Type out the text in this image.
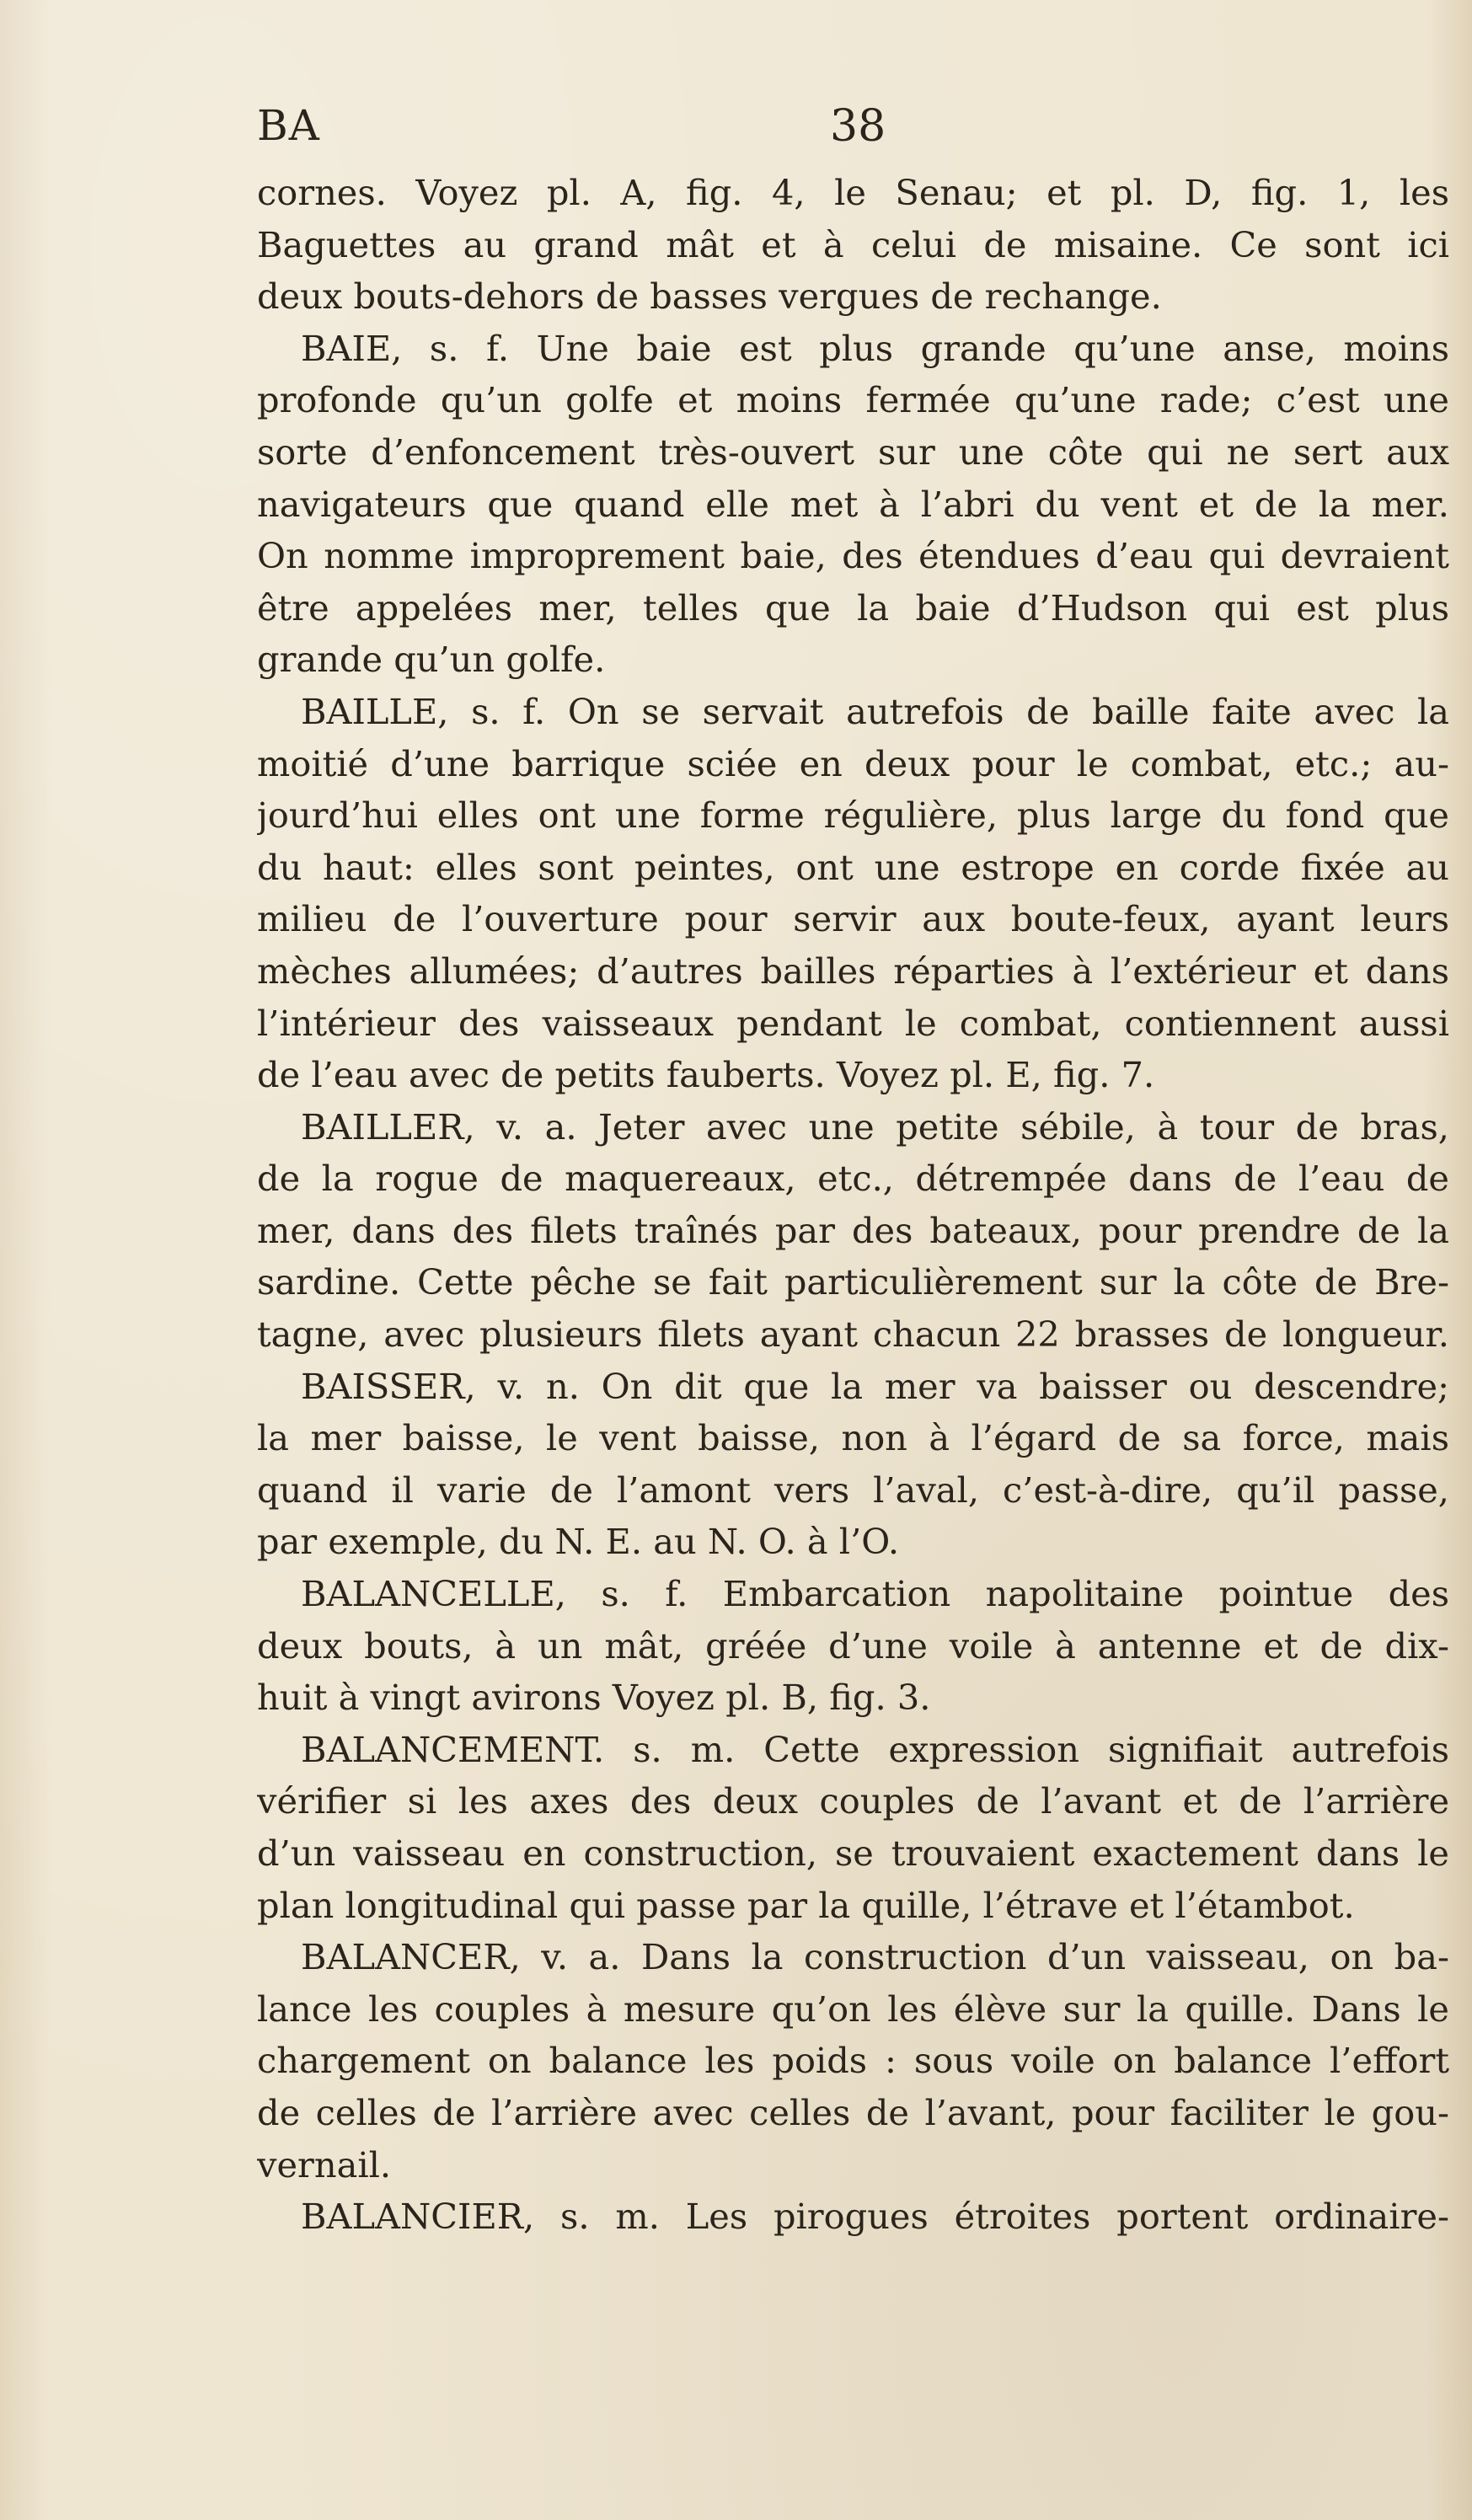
BA	38
cornes. Voyez pl. A, fig. 4, le Senau; et pl. D, fig. 1, les
Baguettes au grand mât et à celui de misaine. Ce sont ici
deux bouts-dehors de basses vergues de rechange.
BAIE, s. f. Une baie est plus grande qu’une anse, moins
profonde qu’un golfe et moins fermée qu’une rade; c’est une
sorte d’enfoncement très-ouvert sur une côte qui ne sert aux
navigateurs que quand elle met à l’abri du vent et de la mer.
On nomme improprement baie, des étendues d’eau qui devraient
être appelées mer, telles que la baie d’Hudson qui est plus
grande qu’un golfe.
BAILLE, s. f. On se servait autrefois de baille faite avec la
moitié d’une barrique sciée en deux pour le combat, etc.; au-
jourd’hui elles ont une forme régulière, plus large du fond que
du haut: elles sont peintes, ont une estrope en corde fixée au
milieu de l’ouverture pour servir aux boute-feux, ayant leurs
mèches allumées; d’autres bailles réparties à l’extérieur et dans
l’intérieur des vaisseaux pendant le combat, contiennent aussi
de l’eau avec de petits fauberts. Voyez pl. E, fig. 7.
BAILLER, v. a. Jeter avec une petite sébile, à tour de bras,
de la rogue de maquereaux, etc., détrempée dans de l’eau de
mer, dans des filets traînés par des bateaux, pour prendre de la
sardine. Cette pêche se fait particulièrement sur la côte de Bre-
tagne, avec plusieurs filets ayant chacun 22 brasses de longueur.
BAISSER, v. n. On dit que la mer va baisser ou descendre;
la mer baisse, le vent baisse, non à l’égard de sa force, mais
quand il varie de l’amont vers l’aval, c’est-à-dire, qu’il passe,
par exemple, du N. E. au N. O. à l’O.
BALANCELLE, s. f. Embarcation napolitaine pointue des
deux bouts, à un mât, gréée d’une voile à antenne et de dix-
huit à vingt avirons Voyez pl. B, fig. 3.
BALANCEMENT. s. m. Cette expression signifiait autrefois
vérifier si les axes des deux couples de l’avant et de l’arrière
d’un vaisseau en construction, se trouvaient exactement dans le
plan longitudinal qui passe par la quille, l’étrave et l’étambot.
BALANCER, v. a. Dans la construction d’un vaisseau, on ba-
lance les couples à mesure qu’on les élève sur la quille. Dans le
chargement on balance les poids : sous voile on balance l’effort
de celles de l’arrière avec celles de l’avant, pour faciliter le gou-
vernail.
BALANCIER, s. m. Les pirogues étroites portent ordinaire-
